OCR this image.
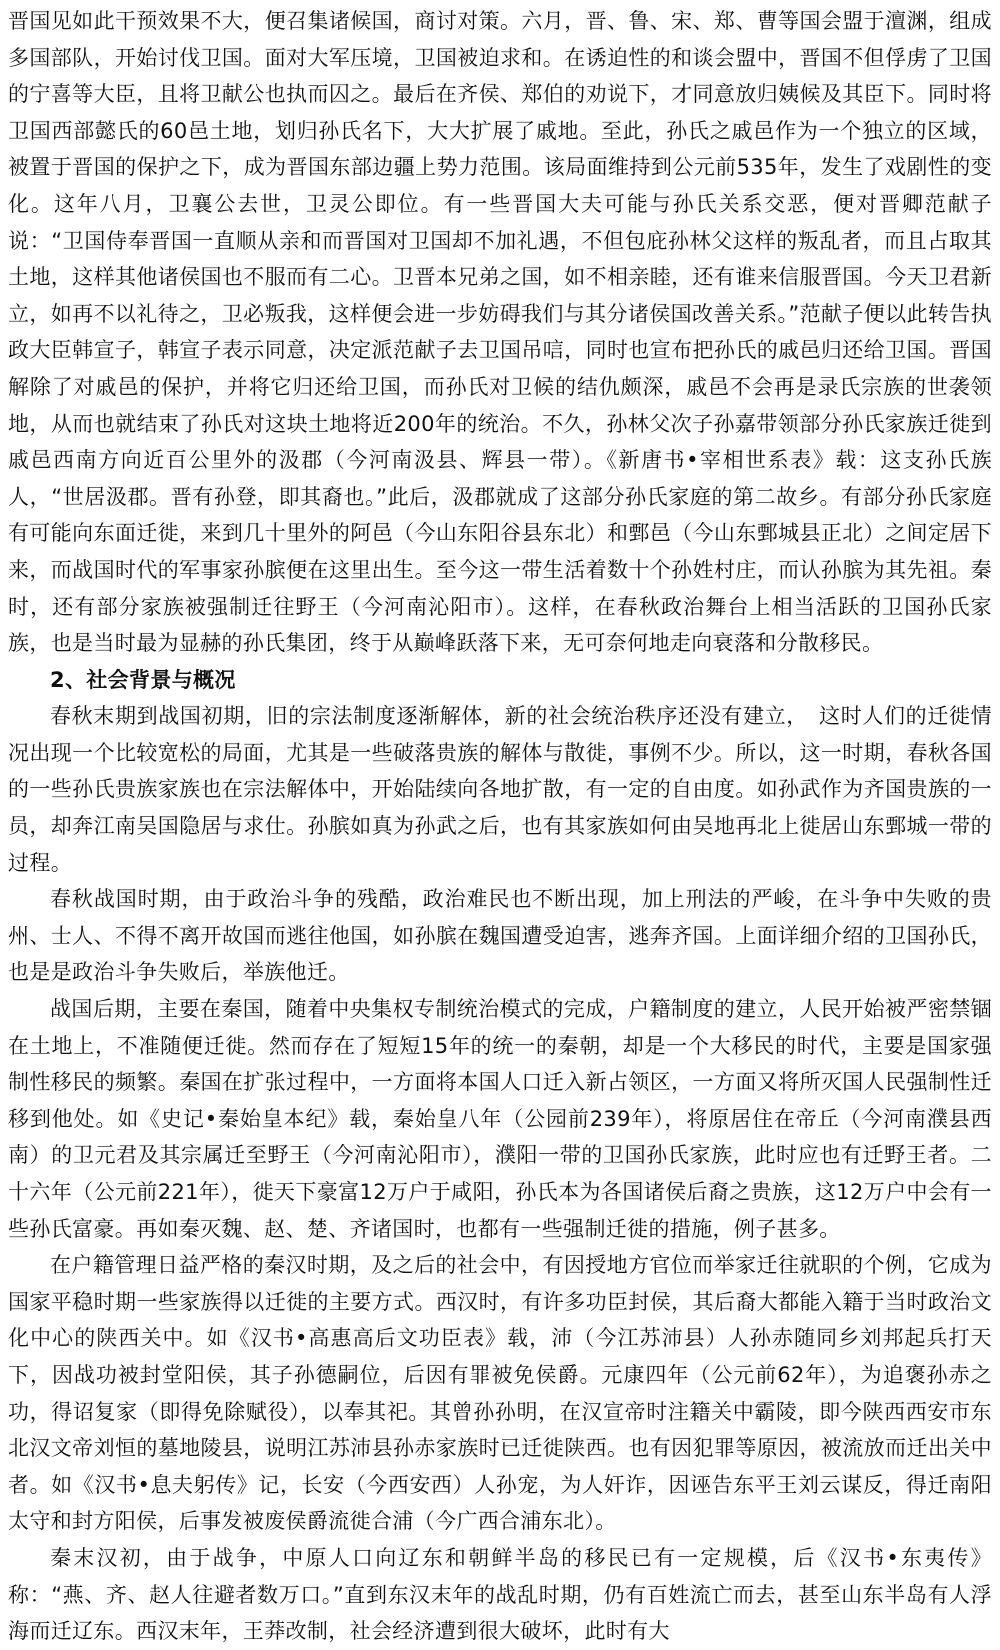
晋国见如此干预效果不大，便召集诸候国，商讨对策。六月，晋、鲁、宋、郑、曹等国会盟于澶渊，组成多国部队，开始讨伐卫国。面对大军压境，卫国被迫求和。在诱迫性的和谈会盟中，晋国不但俘虏了卫国的宁喜等大臣，且将卫献公也执而囚之。最后在齐侯、郑伯的劝说下，才同意放归姨候及其臣下。同时将卫国西部懿氏的60邑土地，划归孙氏名下，大大扩展了戚地。至此，孙氏之戚邑作为一个独立的区域，被置于晋国的保护之下，成为晋国东部边疆上势力范围。该局面维持到公元前535年，发生了戏剧性的变化。这年八月，卫襄公去世，卫灵公即位。有一些晋国大夫可能与孙氏关系交恶，便对晋卿范献子说：“卫国侍奉晋国一直顺从亲和而晋国对卫国却不加礼遇，不但包庇孙林父这样的叛乱者，而且占取其土地，这样其他诸侯国也不服而有二心。卫晋本兄弟之国，如不相亲睦，还有谁来信服晋国。今天卫君新立，如再不以礼待之，卫必叛我，这样便会进一步妨碍我们与其分诸侯国改善关系。”范献子便以此转告执政大臣韩宣子，韩宣子表示同意，决定派范献子去卫国吊唁，同时也宣布把孙氏的戚邑归还给卫国。晋国解除了对戚邑的保护，并将它归还给卫国，而孙氏对卫候的结仇颇深，戚邑不会再是录氏宗族的世袭领地，从而也就结束了孙氏对这块土地将近200年的统治。不久，孙林父次子孙嘉带领部分孙氏家族迁徙到戚邑西南方向近百公里外的汲郡（今河南汲县、辉县一带）。《新唐书•宰相世系表》载：这支孙氏族人，“世居汲郡。晋有孙登，即其裔也。”此后，汲郡就成了这部分孙氏家庭的第二故乡。有部分孙氏家庭有可能向东面迁徙，来到几十里外的阿邑（今山东阳谷县东北）和鄄邑（今山东鄄城县正北）之间定居下来，而战国时代的军事家孙膑便在这里出生。至今这一带生活着数十个孙姓村庄，而认孙膑为其先祖。秦时，还有部分家族被强制迁往野王（今河南沁阳市）。这样，在春秋政治舞台上相当活跃的卫国孙氏家族，也是当时最为显赫的孙氏集团，终于从巅峰跃落下来，无可奈何地走向衰落和分散移民。

2、社会背景与概况

春秋末期到战国初期，旧的宗法制度逐渐解体，新的社会统治秩序还没有建立，　这时人们的迁徙情况出现一个比较宽松的局面，尤其是一些破落贵族的解体与散徙，事例不少。所以，这一时期，春秋各国的一些孙氏贵族家族也在宗法解体中，开始陆续向各地扩散，有一定的自由度。如孙武作为齐国贵族的一员，却奔江南吴国隐居与求仕。孙膑如真为孙武之后，也有其家族如何由吴地再北上徙居山东鄄城一带的过程。

春秋战国时期，由于政治斗争的残酷，政治难民也不断出现，加上刑法的严峻，在斗争中失败的贵州、士人、不得不离开故国而逃往他国，如孙膑在魏国遭受迫害，逃奔齐国。上面详细介绍的卫国孙氏，也是是政治斗争失败后，举族他迁。

战国后期，主要在秦国，随着中央集权专制统治模式的完成，户籍制度的建立，人民开始被严密禁锢在土地上，不准随便迁徙。然而存在了短短15年的统一的秦朝，却是一个大移民的时代，主要是国家强制性移民的频繁。秦国在扩张过程中，一方面将本国人口迁入新占领区，一方面又将所灭国人民强制性迁移到他处。如《史记•秦始皇本纪》载，秦始皇八年（公园前239年），将原居住在帝丘（今河南濮县西南）的卫元君及其宗属迁至野王（今河南沁阳市），濮阳一带的卫国孙氏家族，此时应也有迁野王者。二十六年（公元前221年），徙天下豪富12万户于咸阳，孙氏本为各国诸侯后裔之贵族，这12万户中会有一些孙氏富豪。再如秦灭魏、赵、楚、齐诸国时，也都有一些强制迁徙的措施，例子甚多。

在户籍管理日益严格的秦汉时期，及之后的社会中，有因授地方官位而举家迁往就职的个例，它成为国家平稳时期一些家族得以迁徙的主要方式。西汉时，有许多功臣封侯，其后裔大都能入籍于当时政治文化中心的陕西关中。如《汉书•高惠高后文功臣表》载，沛（今江苏沛县）人孙赤随同乡刘邦起兵打天下，因战功被封堂阳侯，其子孙德嗣位，后因有罪被免侯爵。元康四年（公元前62年），为追褒孙赤之功，得诏复家（即得免除赋役），以奉其祀。其曾孙孙明，在汉宣帝时注籍关中霸陵，即今陕西西安市东北汉文帝刘恒的墓地陵县，说明江苏沛县孙赤家族时已迁徙陕西。也有因犯罪等原因，被流放而迁出关中者。如《汉书•息夫躬传》记，长安（今西安西）人孙宠，为人奸诈，因诬告东平王刘云谋反，得迁南阳太守和封方阳侯，后事发被废侯爵流徙合浦（今广西合浦东北）。

秦末汉初，由于战争，中原人口向辽东和朝鲜半岛的移民已有一定规模，后《汉书•东夷传》称：“燕、齐、赵人往避者数万口。”直到东汉末年的战乱时期，仍有百姓流亡而去，甚至山东半岛有人浮海而迁辽东。西汉末年，王莽改制，社会经济遭到很大破坏，此时有大
